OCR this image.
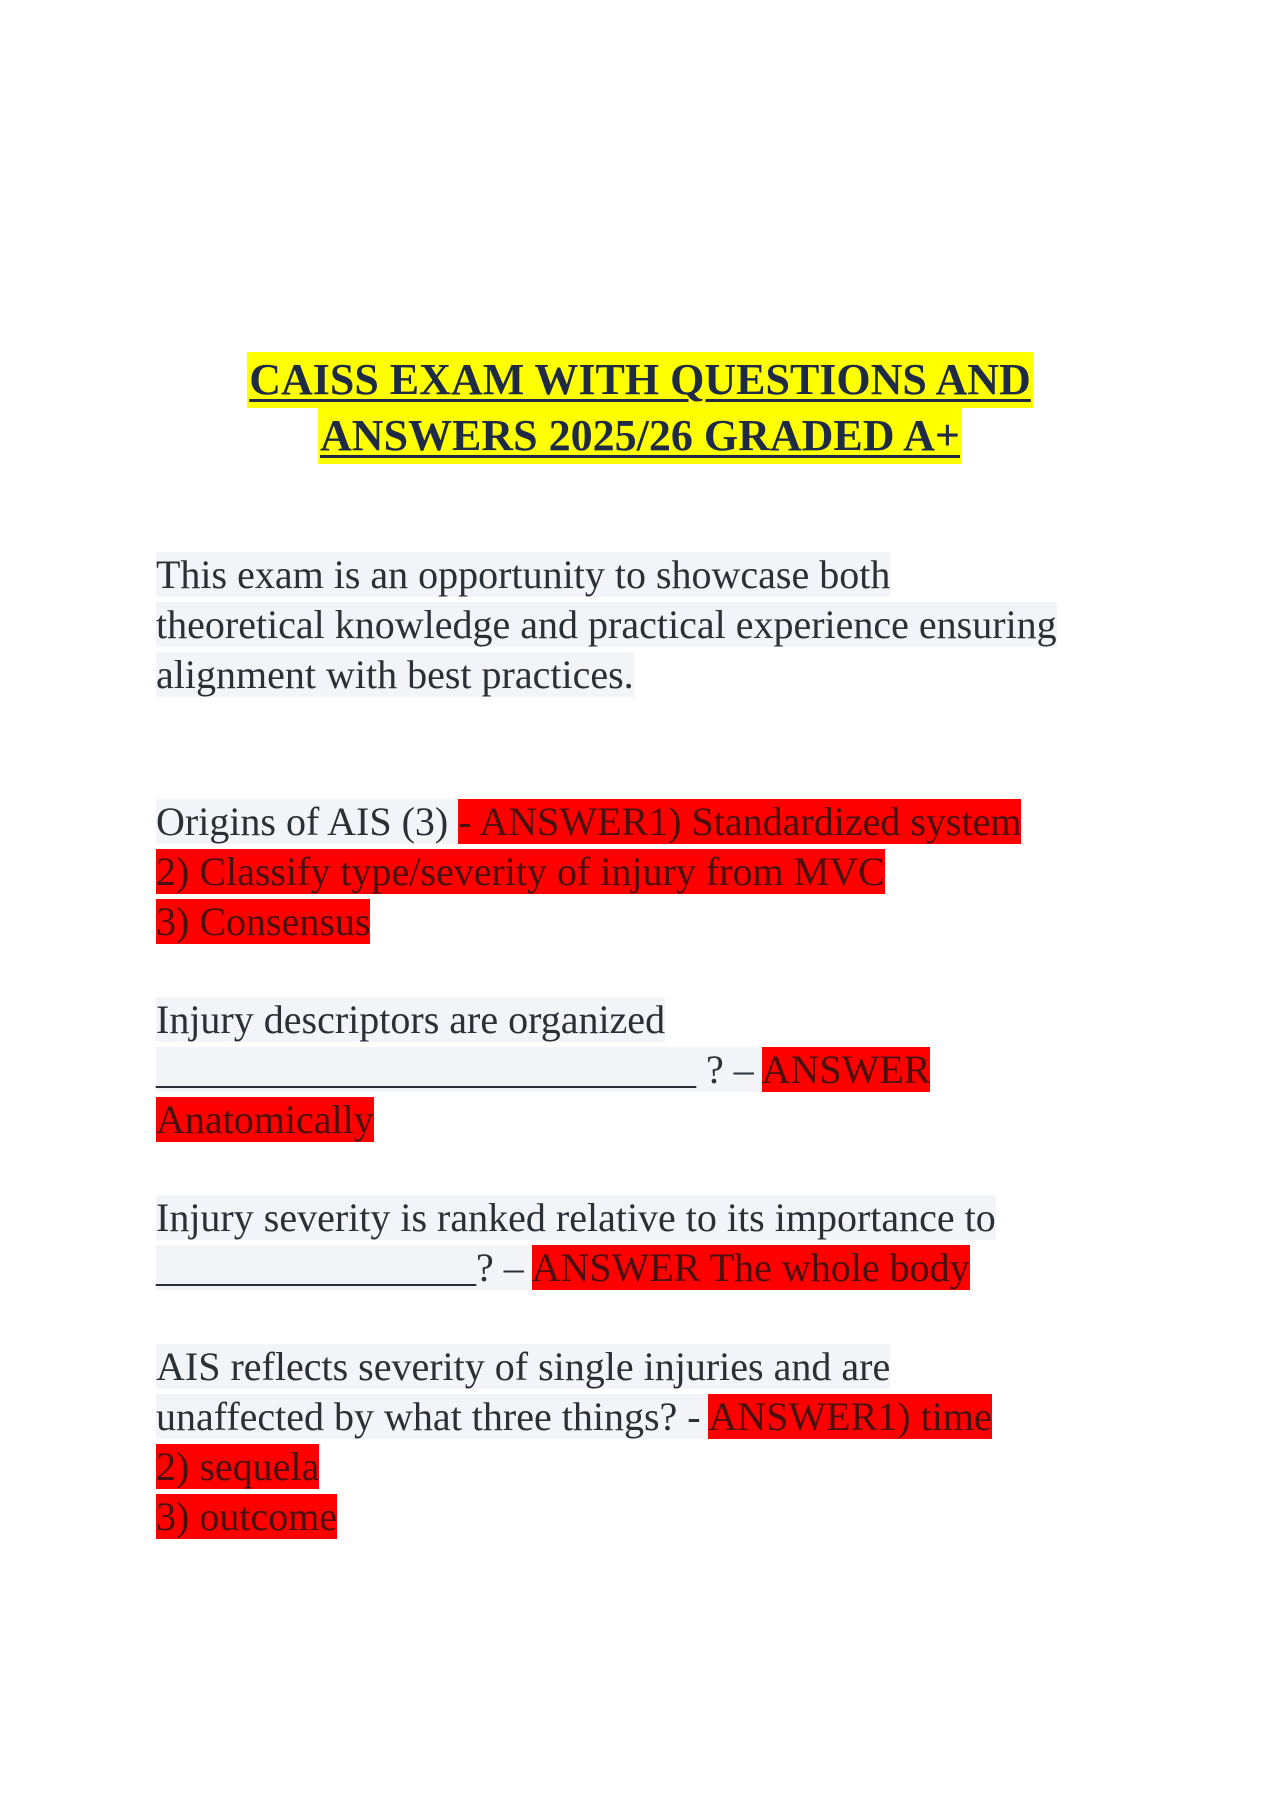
CAISS EXAM WITH QUESTIONS AND
ANSWERS 2025/26 GRADED A+
This exam is an opportunity to showcase both
theoretical knowledge and practical experience ensuring
alignment with best practices.
Origins of AIS (3) - ANSWER1) Standardized system
2) Classify type/severity of injury from MVC
3) Consensus
Injury descriptors are organized
___________________________ ? – ANSWER
Anatomically
Injury severity is ranked relative to its importance to
________________? – ANSWER The whole body
AIS reflects severity of single injuries and are
unaffected by what three things? - ANSWER1) time
2) sequela
3) outcome
